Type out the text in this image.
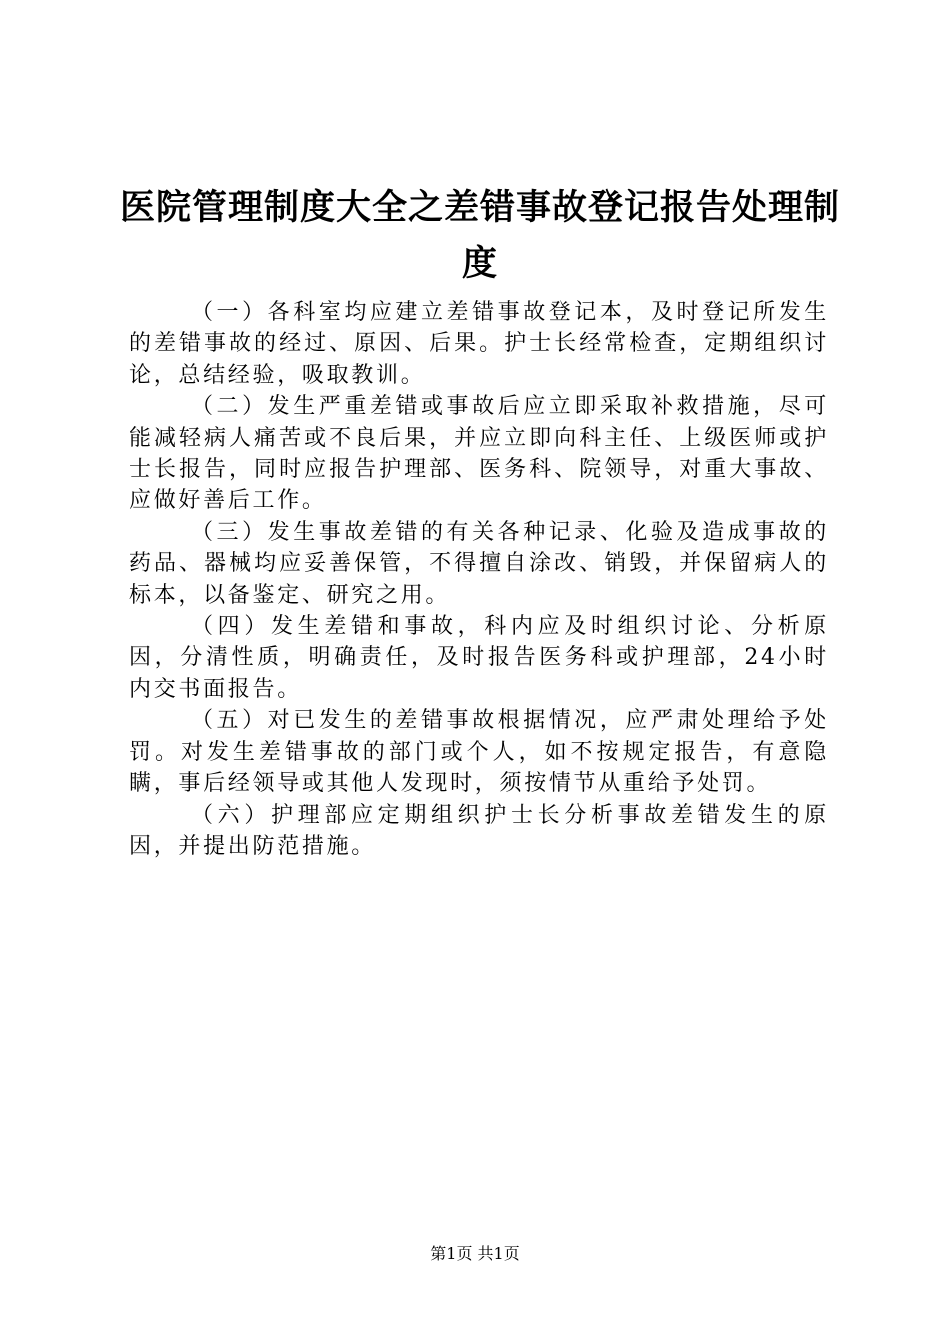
医院管理制度大全之差错事故登记报告处理制度

（一）各科室均应建立差错事故登记本，及时登记所发生的差错事故的经过、原因、后果。护士长经常检查，定期组织讨论，总结经验，吸取教训。

（二）发生严重差错或事故后应立即采取补救措施，尽可能减轻病人痛苦或不良后果，并应立即向科主任、上级医师或护士长报告，同时应报告护理部、医务科、院领导，对重大事故、应做好善后工作。

（三）发生事故差错的有关各种记录、化验及造成事故的药品、器械均应妥善保管，不得擅自涂改、销毁，并保留病人的标本，以备鉴定、研究之用。

（四）发生差错和事故，科内应及时组织讨论、分析原因，分清性质，明确责任，及时报告医务科或护理部，24小时内交书面报告。

（五）对已发生的差错事故根据情况，应严肃处理给予处罚。对发生差错事故的部门或个人，如不按规定报告，有意隐瞒，事后经领导或其他人发现时，须按情节从重给予处罚。

（六）护理部应定期组织护士长分析事故差错发生的原因，并提出防范措施。

第1页 共1页
